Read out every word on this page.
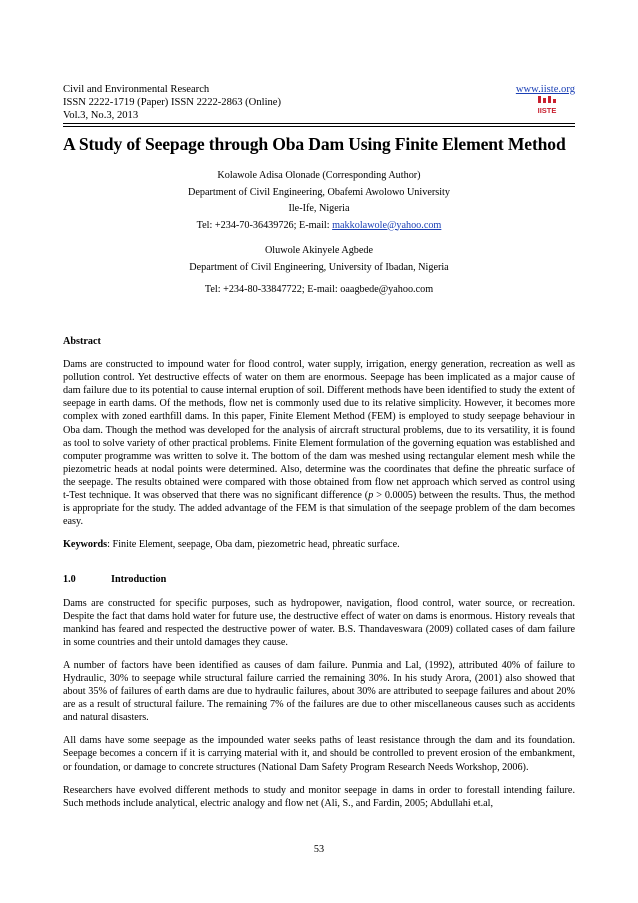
Civil and Environmental Research
ISSN 2222-1719 (Paper) ISSN 2222-2863 (Online)
Vol.3, No.3, 2013
www.iiste.org
IISTE
A Study of Seepage through Oba Dam Using Finite Element Method
Kolawole Adisa Olonade (Corresponding Author)
Department of Civil Engineering, Obafemi Awolowo University
Ile-Ife, Nigeria
Tel: +234-70-36439726; E-mail: makkolawole@yahoo.com
Oluwole Akinyele Agbede
Department of Civil Engineering, University of Ibadan, Nigeria
Tel: +234-80-33847722; E-mail: oaagbede@yahoo.com

Abstract

Dams are constructed to impound water for flood control, water supply, irrigation, energy generation, recreation as well as pollution control. Yet destructive effects of water on them are enormous. Seepage has been implicated as a major cause of dam failure due to its potential to cause internal eruption of soil. Different methods have been identified to study the extent of seepage in earth dams. Of the methods, flow net is commonly used due to its relative simplicity. However, it becomes more complex with zoned earthfill dams. In this paper, Finite Element Method (FEM) is employed to study seepage behaviour in Oba dam. Though the method was developed for the analysis of aircraft structural problems, due to its versatility, it is found as tool to solve variety of other practical problems. Finite Element formulation of the governing equation was established and computer programme was written to solve it. The bottom of the dam was meshed using rectangular element mesh while the piezometric heads at nodal points were determined. Also, determine was the coordinates that define the phreatic surface of the seepage. The results obtained were compared with those obtained from flow net approach which served as control using t-Test technique. It was observed that there was no significant difference (p > 0.0005) between the results. Thus, the method is appropriate for the study. The added advantage of the FEM is that simulation of the seepage problem of the dam becomes easy.

Keywords: Finite Element, seepage, Oba dam, piezometric head, phreatic surface.

1.0	Introduction

Dams are constructed for specific purposes, such as hydropower, navigation, flood control, water source, or recreation. Despite the fact that dams hold water for future use, the destructive effect of water on dams is enormous. History reveals that mankind has feared and respected the destructive power of water. B.S. Thandaveswara (2009) collated cases of dam failure in some countries and their untold damages they cause.

A number of factors have been identified as causes of dam failure. Punmia and Lal, (1992), attributed 40% of failure to Hydraulic, 30% to seepage while structural failure carried the remaining 30%. In his study Arora, (2001) also showed that about 35% of failures of earth dams are due to hydraulic failures, about 30% are attributed to seepage failures and about 20% are as a result of structural failure. The remaining 7% of the failures are due to other miscellaneous causes such as accidents and natural disasters.

All dams have some seepage as the impounded water seeks paths of least resistance through the dam and its foundation. Seepage becomes a concern if it is carrying material with it, and should be controlled to prevent erosion of the embankment, or foundation, or damage to concrete structures (National Dam Safety Program Research Needs Workshop, 2006).

Researchers have evolved different methods to study and monitor seepage in dams in order to forestall intending failure. Such methods include analytical, electric analogy and flow net (Ali, S., and Fardin, 2005; Abdullahi et.al,

53
